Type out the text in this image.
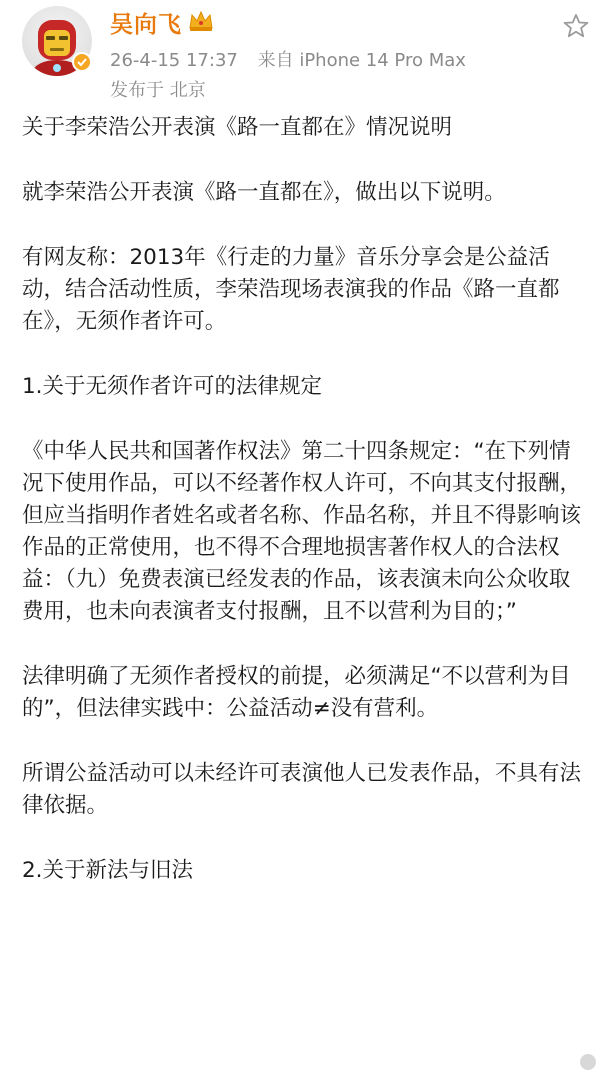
吴向飞
26-4-15 17:37 来自 iPhone 14 Pro Max
发布于 北京

关于李荣浩公开表演《路一直都在》情况说明

就李荣浩公开表演《路一直都在》，做出以下说明。

有网友称：2013年《行走的力量》音乐分享会是公益活动，结合活动性质，李荣浩现场表演我的作品《路一直都在》，无须作者许可。

1.关于无须作者许可的法律规定

《中华人民共和国著作权法》第二十四条规定：“在下列情况下使用作品，可以不经著作权人许可，不向其支付报酬，但应当指明作者姓名或者名称、作品名称，并且不得影响该作品的正常使用，也不得不合理地损害著作权人的合法权益：（九）免费表演已经发表的作品，该表演未向公众收取费用，也未向表演者支付报酬，且不以营利为目的；”

法律明确了无须作者授权的前提，必须满足“不以营利为目的”，但法律实践中：公益活动≠没有营利。

所谓公益活动可以未经许可表演他人已发表作品，不具有法律依据。

2.关于新法与旧法
